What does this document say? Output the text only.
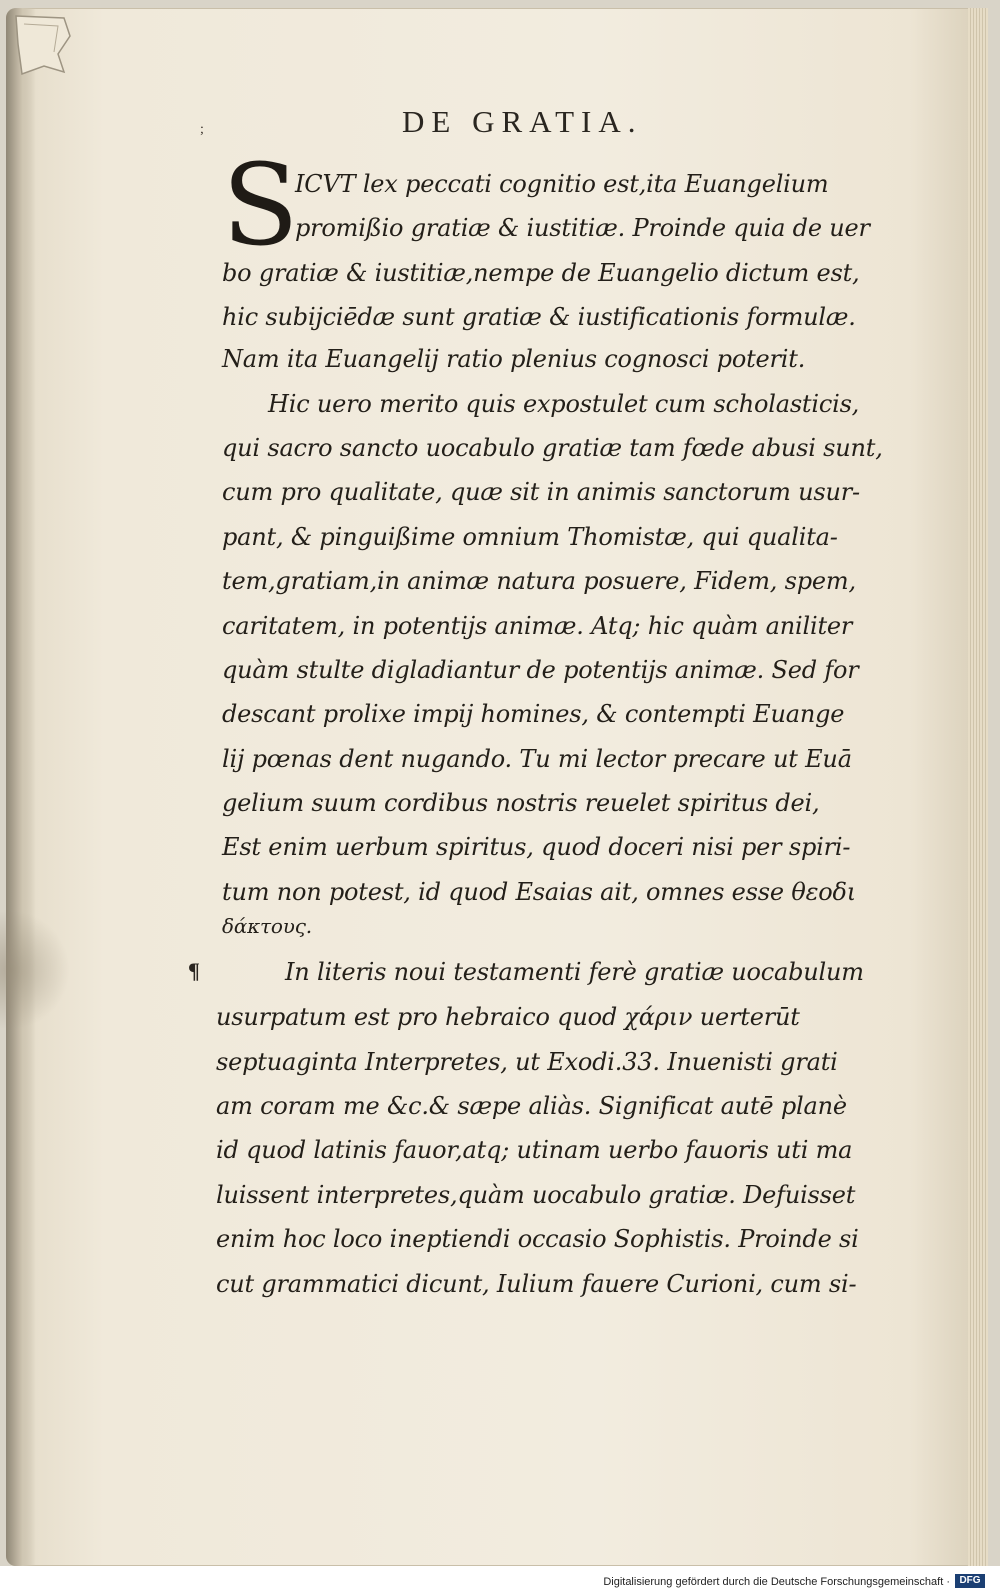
;	DE GRATIA.
S
ICVT lex peccati cognitio est,ita Euangelium
promißio gratiæ & iustitiæ. Proinde quia de uer
bo gratiæ & iustitiæ,nempe de Euangelio dictum est,
hic subijciēdæ sunt gratiæ & iustificationis formulæ.
Nam ita Euangelij ratio plenius cognosci poterit.
Hic uero merito quis expostulet cum scholasticis,
qui sacro sancto uocabulo gratiæ tam fœde abusi sunt,
cum pro qualitate, quæ sit in animis sanctorum usur-
pant, & pinguißime omnium Thomistæ, qui qualita-
tem,gratiam,in animæ natura posuere, Fidem, spem,
caritatem, in potentijs animæ. Atq; hic quàm aniliter
quàm stulte digladiantur de potentijs animæ. Sed for
descant prolixe impij homines, & contempti Euange
lij pœnas dent nugando. Tu mi lector precare ut Euā
gelium suum cordibus nostris reuelet spiritus dei,
Est enim uerbum spiritus, quod doceri nisi per spiri-
tum non potest, id quod Esaias ait, omnes esse θεοδι
δάκτους.
¶	In literis noui testamenti ferè gratiæ uocabulum
usurpatum est pro hebraico quod χάριν uerterūt
septuaginta Interpretes, ut Exodi.33. Inuenisti grati
am coram me &c.& sæpe aliàs. Significat autē planè
id quod latinis fauor,atq; utinam uerbo fauoris uti ma
luissent interpretes,quàm uocabulo gratiæ. Defuisset
enim hoc loco ineptiendi occasio Sophistis. Proinde si
cut grammatici dicunt, Iulium fauere Curioni, cum si-
Digitalisierung gefördert durch die Deutsche Forschungsgemeinschaft · DFG
